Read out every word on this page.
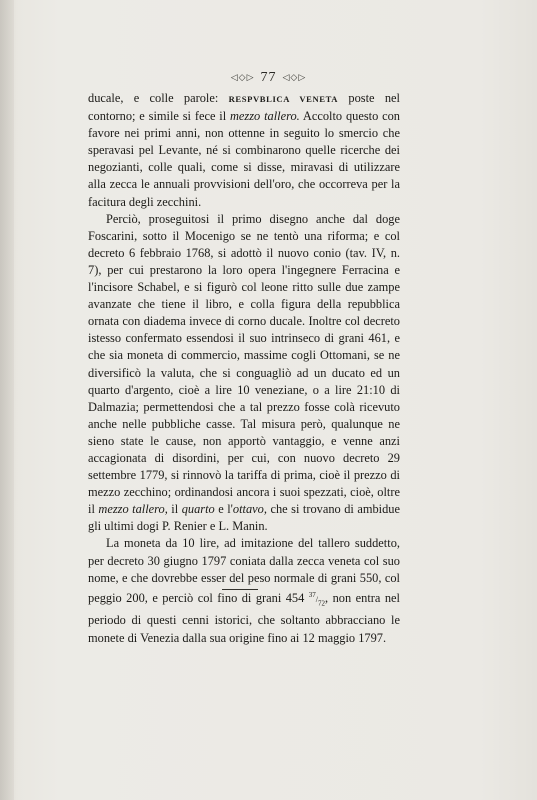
◁◇▷ 77 ◁◇▷

ducale, e colle parole: RESPVBLICA VENETA poste nel contorno; e simile si fece il mezzo tallero. Accolto questo con favore nei primi anni, non ottenne in seguito lo smercio che speravasi pel Levante, né si combinarono quelle ricerche dei negozianti, colle quali, come si disse, miravasi di utilizzare alla zecca le annuali provvisioni dell'oro, che occorreva per la facitura degli zecchini.

Perciò, proseguitosi il primo disegno anche dal doge Foscarini, sotto il Mocenigo se ne tentò una riforma; e col decreto 6 febbraio 1768, si adottò il nuovo conio (tav. IV, n. 7), per cui prestarono la loro opera l'ingegnere Ferracina e l'incisore Schabel, e si figurò col leone ritto sulle due zampe avanzate che tiene il libro, e colla figura della repubblica ornata con diadema invece di corno ducale. Inoltre col decreto istesso confermato essendosi il suo intrinseco di grani 461, e che sia moneta di commercio, massime cogli Ottomani, se ne diversificò la valuta, che si conguagliò ad un ducato ed un quarto d'argento, cioè a lire 10 veneziane, o a lire 21:10 di Dalmazia; permettendosi che a tal prezzo fosse colà ricevuto anche nelle pubbliche casse. Tal misura però, qualunque ne sieno state le cause, non apportò vantaggio, e venne anzi accagionata di disordini, per cui, con nuovo decreto 29 settembre 1779, si rinnovò la tariffa di prima, cioè il prezzo di mezzo zecchino; ordinandosi ancora i suoi spezzati, cioè, oltre il mezzo tallero, il quarto e l'ottavo, che si trovano di ambidue gli ultimi dogi P. Renier e L. Manin.

La moneta da 10 lire, ad imitazione del tallero suddetto, per decreto 30 giugno 1797 coniata dalla zecca veneta col suo nome, e che dovrebbe esser del peso normale di grani 550, col peggio 200, e perciò col fino di grani 454 $^{37}/_{72}$, non entra nel periodo di questi cenni istorici, che soltanto abbracciano le monete di Venezia dalla sua origine fino ai 12 maggio 1797.
